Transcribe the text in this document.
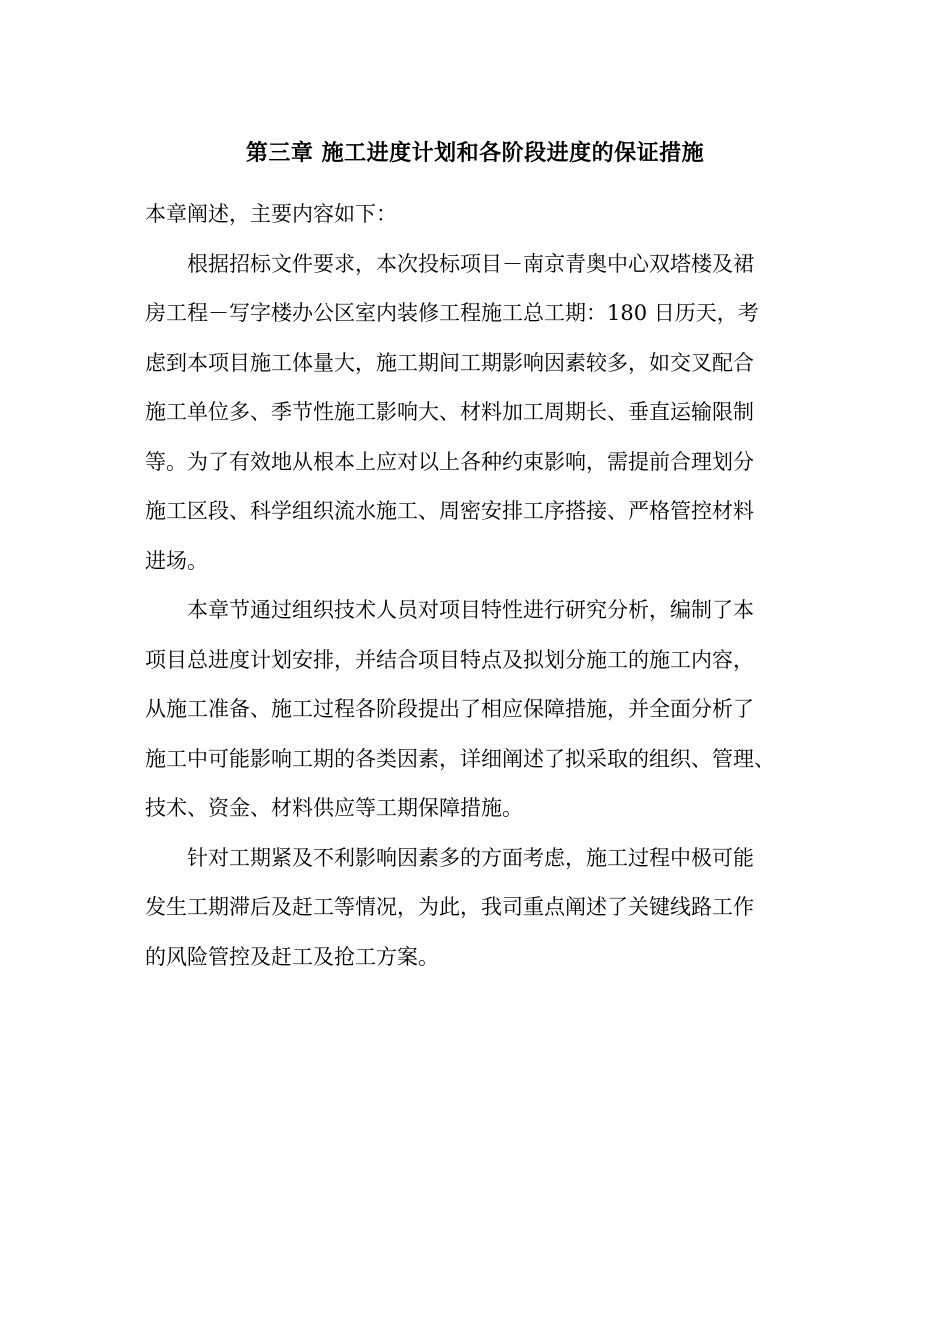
第三章 施工进度计划和各阶段进度的保证措施
本章阐述，主要内容如下：
根据招标文件要求，本次投标项目－南京青奥中心双塔楼及裙
房工程－写字楼办公区室内装修工程施工总工期：180 日历天，考
虑到本项目施工体量大，施工期间工期影响因素较多，如交叉配合
施工单位多、季节性施工影响大、材料加工周期长、垂直运输限制
等。为了有效地从根本上应对以上各种约束影响，需提前合理划分
施工区段、科学组织流水施工、周密安排工序搭接、严格管控材料
进场。
本章节通过组织技术人员对项目特性进行研究分析，编制了本
项目总进度计划安排，并结合项目特点及拟划分施工的施工内容，
从施工准备、施工过程各阶段提出了相应保障措施，并全面分析了
施工中可能影响工期的各类因素，详细阐述了拟采取的组织、管理、
技术、资金、材料供应等工期保障措施。
针对工期紧及不利影响因素多的方面考虑，施工过程中极可能
发生工期滞后及赶工等情况，为此，我司重点阐述了关键线路工作
的风险管控及赶工及抢工方案。
